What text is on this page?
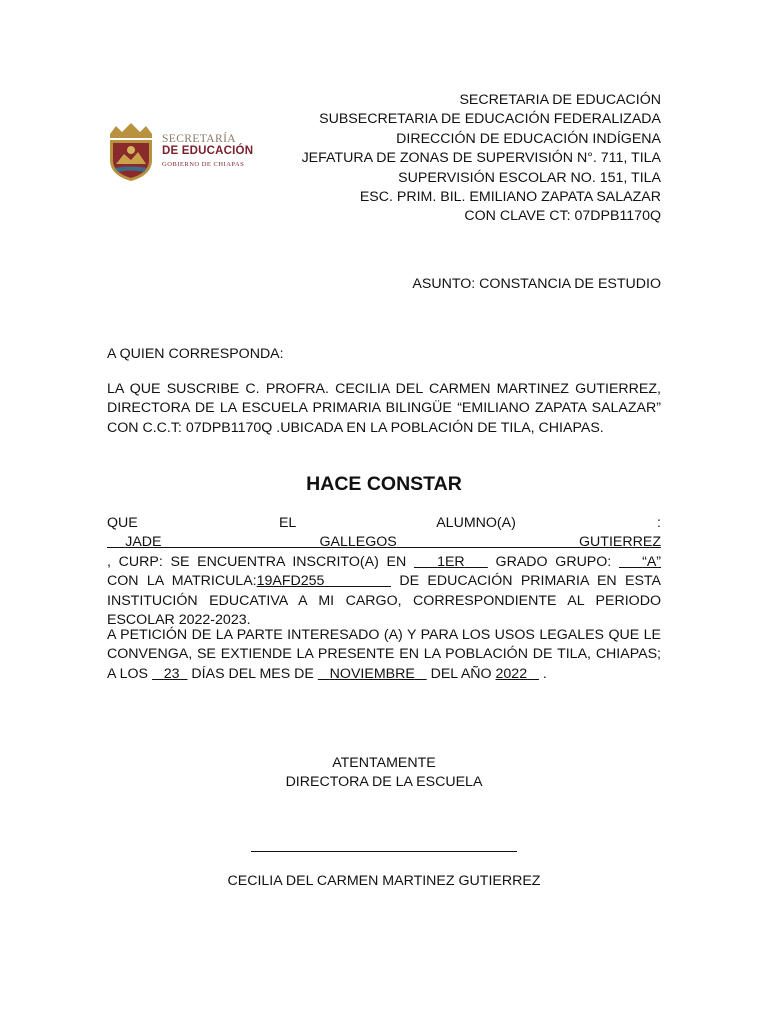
SECRETARÍA
DE EDUCACIÓN
GOBIERNO DE CHIAPAS
SECRETARIA DE EDUCACIÓN
SUBSECRETARIA DE EDUCACIÓN FEDERALIZADA
DIRECCIÓN DE EDUCACIÓN INDÍGENA
JEFATURA DE ZONAS DE SUPERVISIÓN N°. 711, TILA
SUPERVISIÓN ESCOLAR NO. 151, TILA
ESC. PRIM. BIL. EMILIANO ZAPATA SALAZAR
CON CLAVE CT: 07DPB1170Q
ASUNTO: CONSTANCIA DE ESTUDIO
A QUIEN CORRESPONDA:
LA QUE SUSCRIBE C. PROFRA. CECILIA DEL CARMEN MARTINEZ GUTIERREZ, DIRECTORA DE LA ESCUELA PRIMARIA BILINGÜE “EMILIANO ZAPATA SALAZAR” CON C.C.T: 07DPB1170Q .UBICADA EN LA POBLACIÓN DE TILA, CHIAPAS.
HACE CONSTAR
QUE EL ALUMNO(A) :   JADE	GALLEGOS	GUTIERREZ
, CURP: SE ENCUENTRA INSCRITO(A) EN 1ER GRADO GRUPO: “A”
CON LA MATRICULA:19AFD255	DE EDUCACIÓN PRIMARIA EN ESTA INSTITUCIÓN EDUCATIVA A MI CARGO, CORRESPONDIENTE AL PERIODO ESCOLAR 2022-2023.
A PETICIÓN DE LA PARTE INTERESADO (A) Y PARA LOS USOS LEGALES QUE LE CONVENGA, SE EXTIENDE LA PRESENTE EN LA POBLACIÓN DE TILA, CHIAPAS; A LOS 23 DÍAS DEL MES DE NOVIEMBRE DEL AÑO 2022 .
ATENTAMENTE
DIRECTORA DE LA ESCUELA
CECILIA DEL CARMEN MARTINEZ GUTIERREZ
